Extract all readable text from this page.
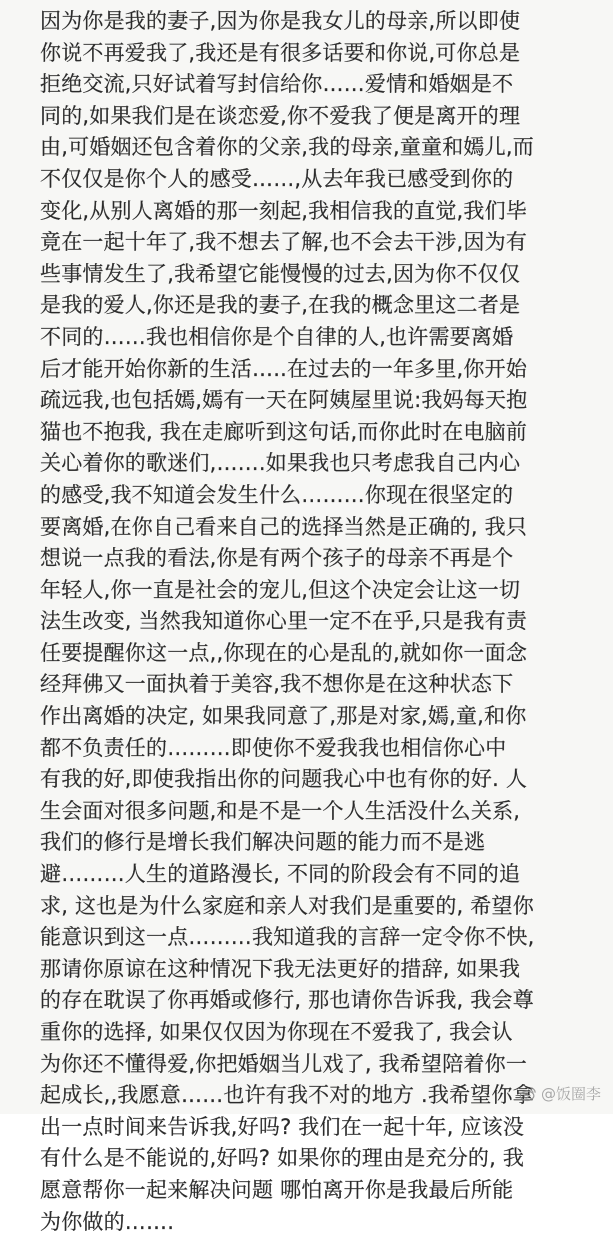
因为你是我的妻子,因为你是我女儿的母亲,所以即使
你说不再爱我了,我还是有很多话要和你说,可你总是
拒绝交流,只好试着写封信给你……爱情和婚姻是不
同的,如果我们是在谈恋爱,你不爱我了便是离开的理
由,可婚姻还包含着你的父亲,我的母亲,童童和嫣儿,而
不仅仅是你个人的感受……,从去年我已感受到你的
变化,从别人离婚的那一刻起,我相信我的直觉,我们毕
竟在一起十年了,我不想去了解,也不会去干涉,因为有
些事情发生了,我希望它能慢慢的过去,因为你不仅仅
是我的爱人,你还是我的妻子,在我的概念里这二者是
不同的……我也相信你是个自律的人,也许需要离婚
后才能开始你新的生活…..在过去的一年多里,你开始
疏远我,也包括嫣,嫣有一天在阿姨屋里说:我妈每天抱
猫也不抱我, 我在走廊听到这句话,而你此时在电脑前
关心着你的歌迷们,…….如果我也只考虑我自己内心
的感受,我不知道会发生什么………你现在很坚定的
要离婚,在你自己看来自己的选择当然是正确的, 我只
想说一点我的看法,你是有两个孩子的母亲不再是个
年轻人,你一直是社会的宠儿,但这个决定会让这一切
法生改变, 当然我知道你心里一定不在乎,只是我有责
任要提醒你这一点,,你现在的心是乱的,就如你一面念
经拜佛又一面执着于美容,我不想你是在这种状态下
作出离婚的决定, 如果我同意了,那是对家,嫣,童,和你
都不负责任的………即使你不爱我我也相信你心中
有我的好,即使我指出你的问题我心中也有你的好. 人
生会面对很多问题,和是不是一个人生活没什么关系,
我们的修行是增长我们解决问题的能力而不是逃
避………人生的道路漫长, 不同的阶段会有不同的追
求, 这也是为什么家庭和亲人对我们是重要的, 希望你
能意识到这一点………我知道我的言辞一定令你不快,
那请你原谅在这种情况下我无法更好的措辞, 如果我
的存在耽误了你再婚或修行, 那也请你告诉我, 我会尊
重你的选择, 如果仅仅因为你现在不爱我了, 我会认
为你还不懂得爱,你把婚姻当儿戏了, 我希望陪着你一
起成长,,我愿意……也许有我不对的地方 .我希望你拿
出一点时间来告诉我,好吗? 我们在一起十年, 应该没
有什么是不能说的,好吗? 如果你的理由是充分的, 我
愿意帮你一起来解决问题 哪怕离开你是我最后所能
为你做的…….
@饭圈李
